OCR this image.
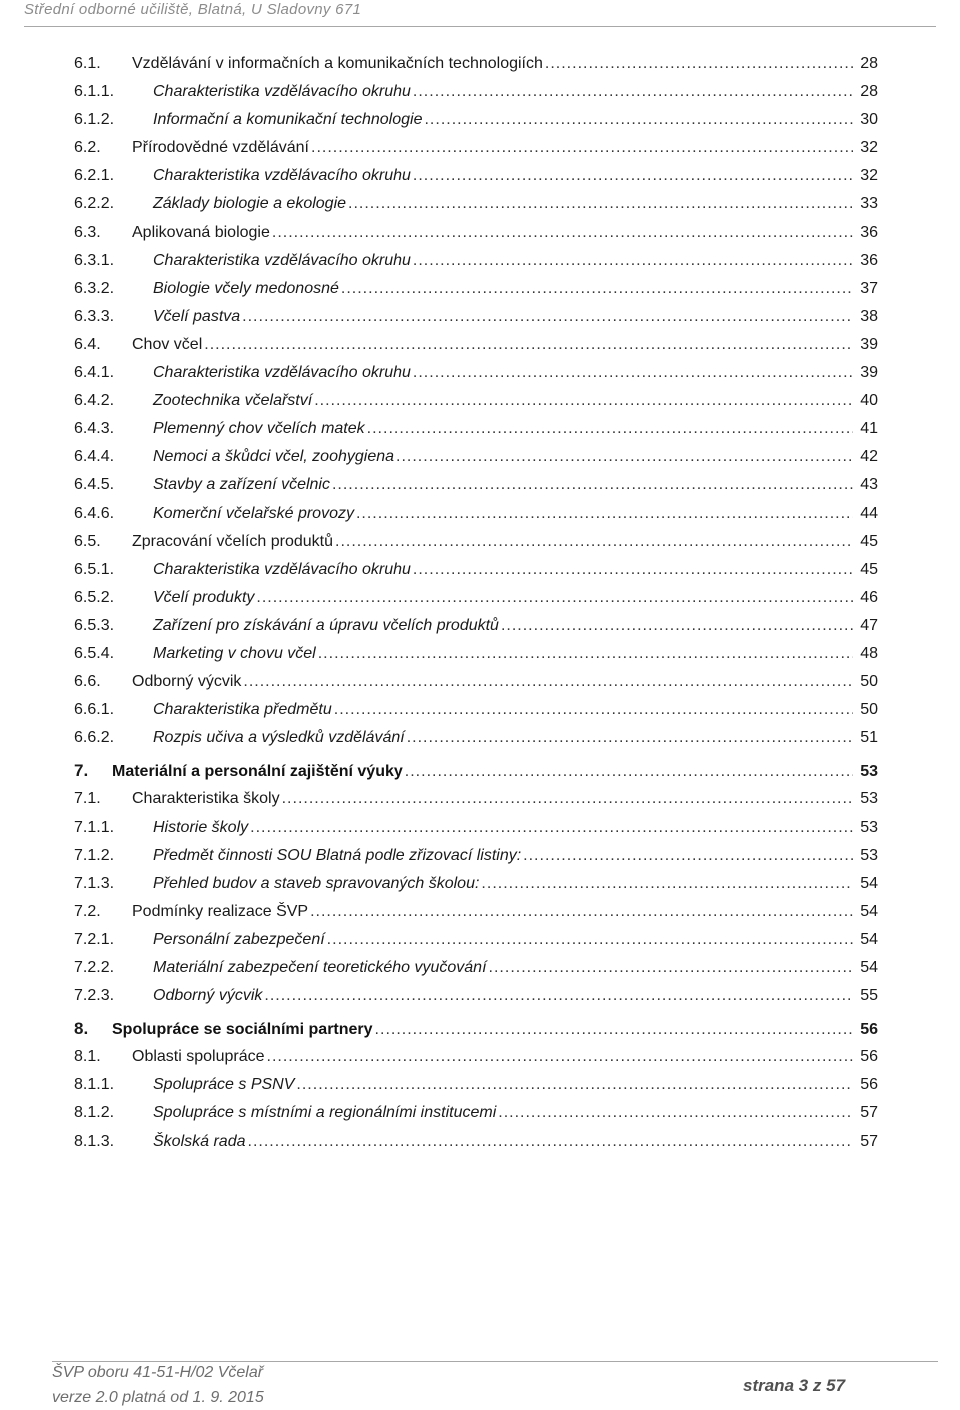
Střední odborné učiliště, Blatná, U Sladovny 671
6.1.	Vzdělávání v informačních a komunikačních technologiích .....	28
6.1.1.	Charakteristika vzdělávacího okruhu .....	28
6.1.2.	Informační a komunikační technologie .....	30
6.2.	Přírodovědné vzdělávání .....	32
6.2.1.	Charakteristika vzdělávacího okruhu .....	32
6.2.2.	Základy biologie a ekologie .....	33
6.3.	Aplikovaná biologie .....	36
6.3.1.	Charakteristika vzdělávacího okruhu .....	36
6.3.2.	Biologie včely medonosné .....	37
6.3.3.	Včelí pastva .....	38
6.4.	Chov včel .....	39
6.4.1.	Charakteristika vzdělávacího okruhu .....	39
6.4.2.	Zootechnika včelařství .....	40
6.4.3.	Plemenný chov včelích matek .....	41
6.4.4.	Nemoci a škůdci včel, zoohygiena .....	42
6.4.5.	Stavby a zařízení včelnic .....	43
6.4.6.	Komerční včelařské provozy .....	44
6.5.	Zpracování včelích produktů .....	45
6.5.1.	Charakteristika vzdělávacího okruhu .....	45
6.5.2.	Včelí produkty .....	46
6.5.3.	Zařízení pro získávání a úpravu včelích produktů .....	47
6.5.4.	Marketing v chovu včel .....	48
6.6.	Odborný výcvik .....	50
6.6.1.	Charakteristika předmětu .....	50
6.6.2.	Rozpis učiva a výsledků vzdělávání .....	51
7.	Materiální a personální zajištění výuky .....	53
7.1.	Charakteristika školy .....	53
7.1.1.	Historie školy .....	53
7.1.2.	Předmět činnosti SOU Blatná podle zřizovací listiny: .....	53
7.1.3.	Přehled budov a staveb spravovaných školou: .....	54
7.2.	Podmínky realizace ŠVP .....	54
7.2.1.	Personální zabezpečení .....	54
7.2.2.	Materiální zabezpečení teoretického vyučování .....	54
7.2.3.	Odborný výcvik .....	55
8.	Spolupráce se sociálními partnery .....	56
8.1.	Oblasti spolupráce .....	56
8.1.1.	Spolupráce s PSNV .....	56
8.1.2.	Spolupráce s místními a regionálními institucemi .....	57
8.1.3.	Školská rada .....	57
ŠVP oboru 41-51-H/02 Včelař
verze 2.0 platná od 1. 9. 2015
strana 3 z 57
